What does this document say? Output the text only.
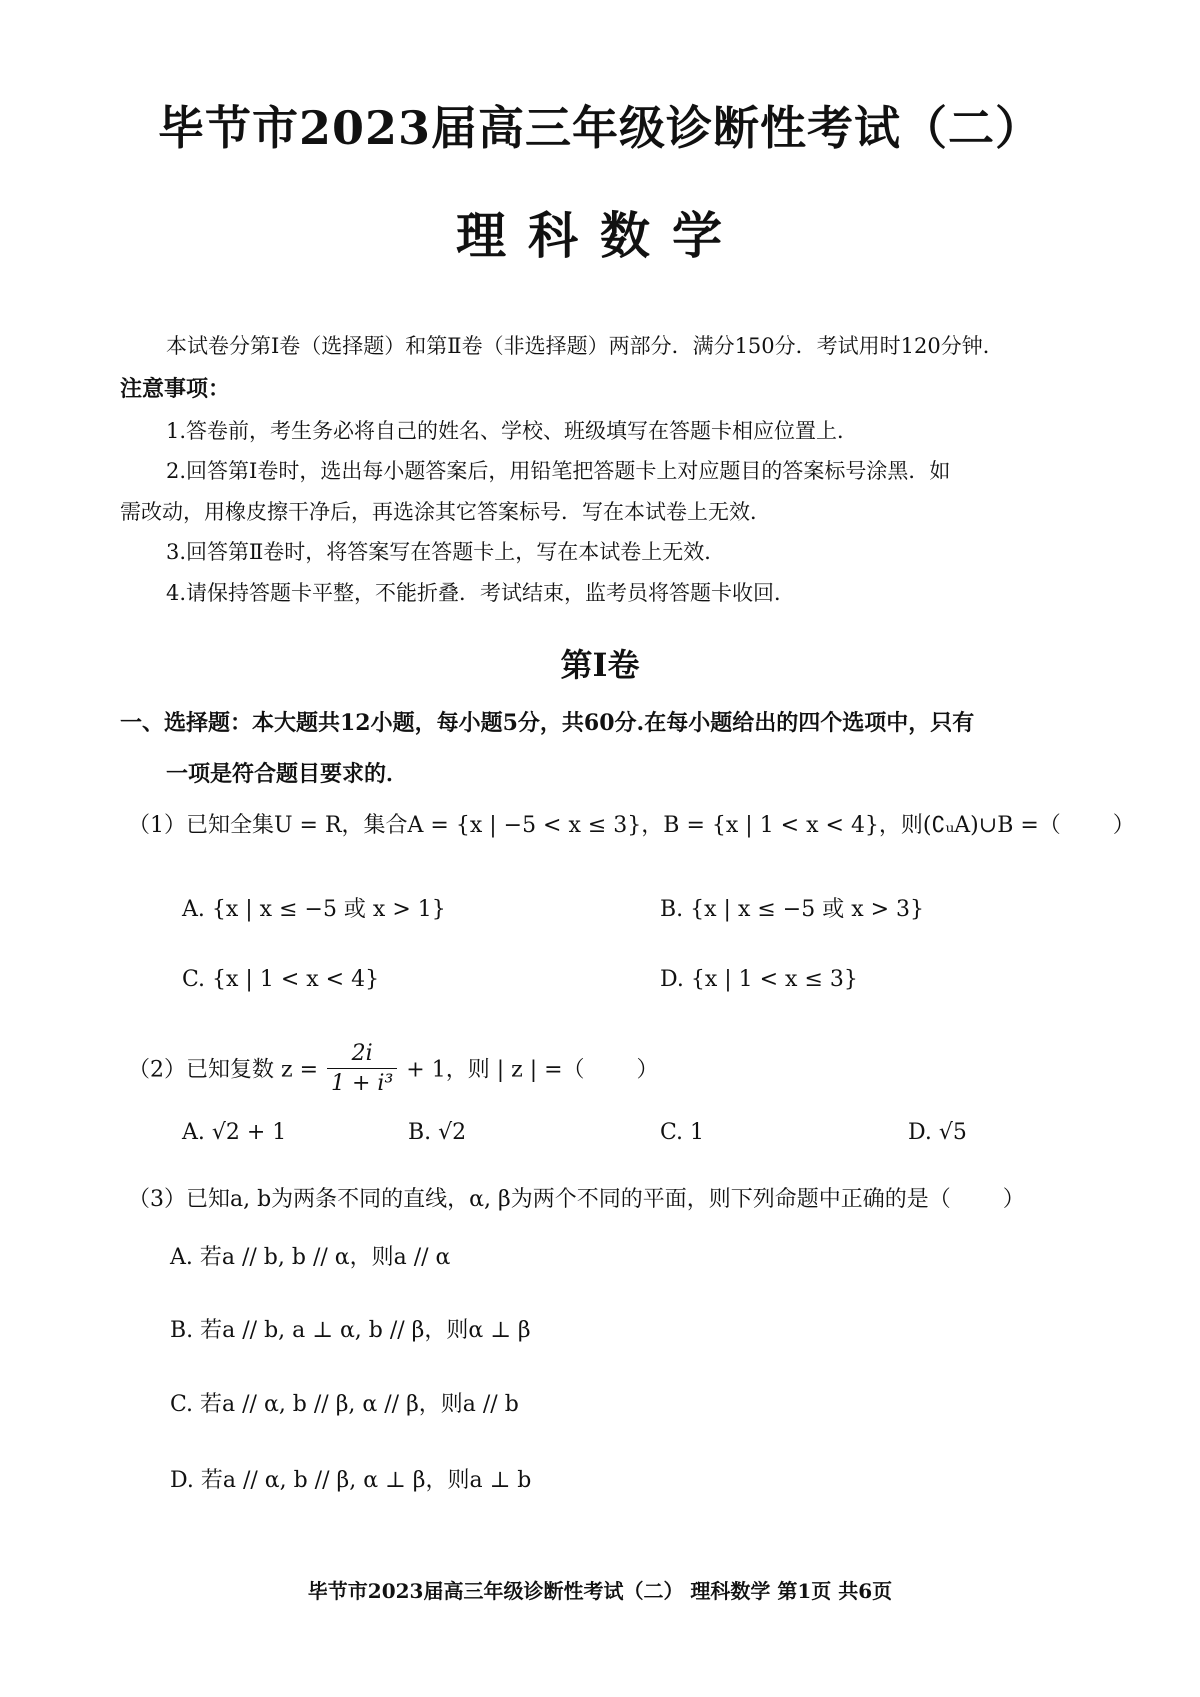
毕节市2023届高三年级诊断性考试（二）
理科数学
本试卷分第Ⅰ卷（选择题）和第Ⅱ卷（非选择题）两部分．满分150分．考试用时120分钟．
注意事项：
1.答卷前，考生务必将自己的姓名、学校、班级填写在答题卡相应位置上．
2.回答第Ⅰ卷时，选出每小题答案后，用铅笔把答题卡上对应题目的答案标号涂黑．如
需改动，用橡皮擦干净后，再选涂其它答案标号．写在本试卷上无效．
3.回答第Ⅱ卷时，将答案写在答题卡上，写在本试卷上无效．
4.请保持答题卡平整，不能折叠．考试结束，监考员将答题卡收回．
第Ⅰ卷
一、选择题：本大题共12小题，每小题5分，共60分.在每小题给出的四个选项中，只有
一项是符合题目要求的．
（1）已知全集U = R，集合A = {x | −5 < x ≤ 3}，B = {x | 1 < x < 4}，则(∁ᵤA)∪B =（ ）
A. {x | x ≤ −5 或 x > 1}	B. {x | x ≤ −5 或 x > 3}
C. {x | 1 < x < 4}	D. {x | 1 < x ≤ 3}
（2）已知复数 $z = \frac{2i}{\text{1 + i³}} + 1$，则 | z | =（ ）
A. √2 + 1	B. √2	C. 1	D. √5
（3）已知a, b为两条不同的直线，α, β为两个不同的平面，则下列命题中正确的是（ ）
A. 若a // b, b // α，则a // α
B. 若a // b, a ⊥ α, b // β，则α ⊥ β
C. 若a // α, b // β, α // β，则a // b
D. 若a // α, b // β, α ⊥ β，则a ⊥ b
毕节市2023届高三年级诊断性考试（二） 理科数学 第1页 共6页
